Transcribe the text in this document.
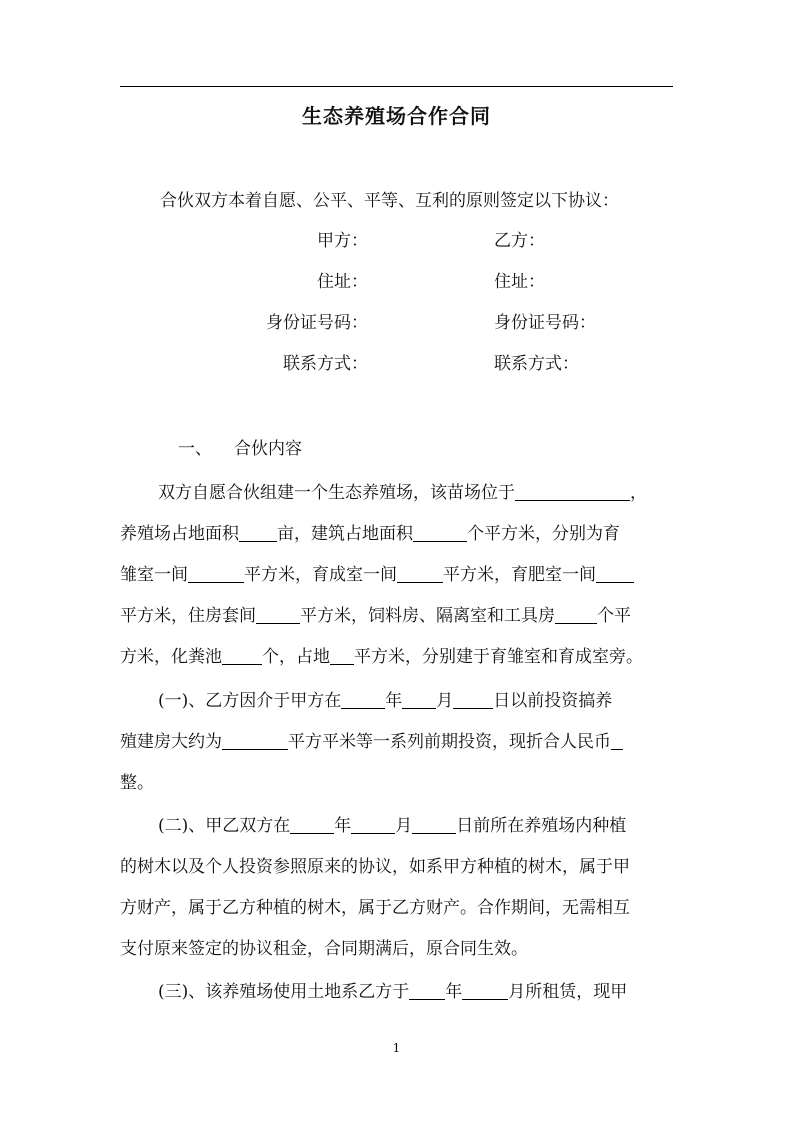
生态养殖场合作合同
合伙双方本着自愿、公平、平等、互利的原则签定以下协议：
甲方：	乙方：
住址：	住址：
身份证号码：	身份证号码：
联系方式：	联系方式：
一、 合伙内容
双方自愿合伙组建一个生态养殖场，该苗场位于	，
养殖场占地面积 亩，建筑占地面积	个平方米，分别为育
雏室一间	平方米，育成室一间	平方米，育肥室一间
平方米，住房套间	平方米，饲料房、隔离室和工具房 个平
方米，化粪池 个，占地 平方米，分别建于育雏室和育成室旁。
(一)、乙方因介于甲方在	年 月 日以前投资搞养
殖建房大约为	平方平米等一系列前期投资，现折合人民币
整。
(二)、甲乙双方在	年	月	日前所在养殖场内种植
的树木以及个人投资参照原来的协议，如系甲方种植的树木，属于甲
方财产，属于乙方种植的树木，属于乙方财产。合作期间，无需相互
支付原来签定的协议租金，合同期满后，原合同生效。
(三)、该养殖场使用土地系乙方于 年	月所租赁，现甲
1
